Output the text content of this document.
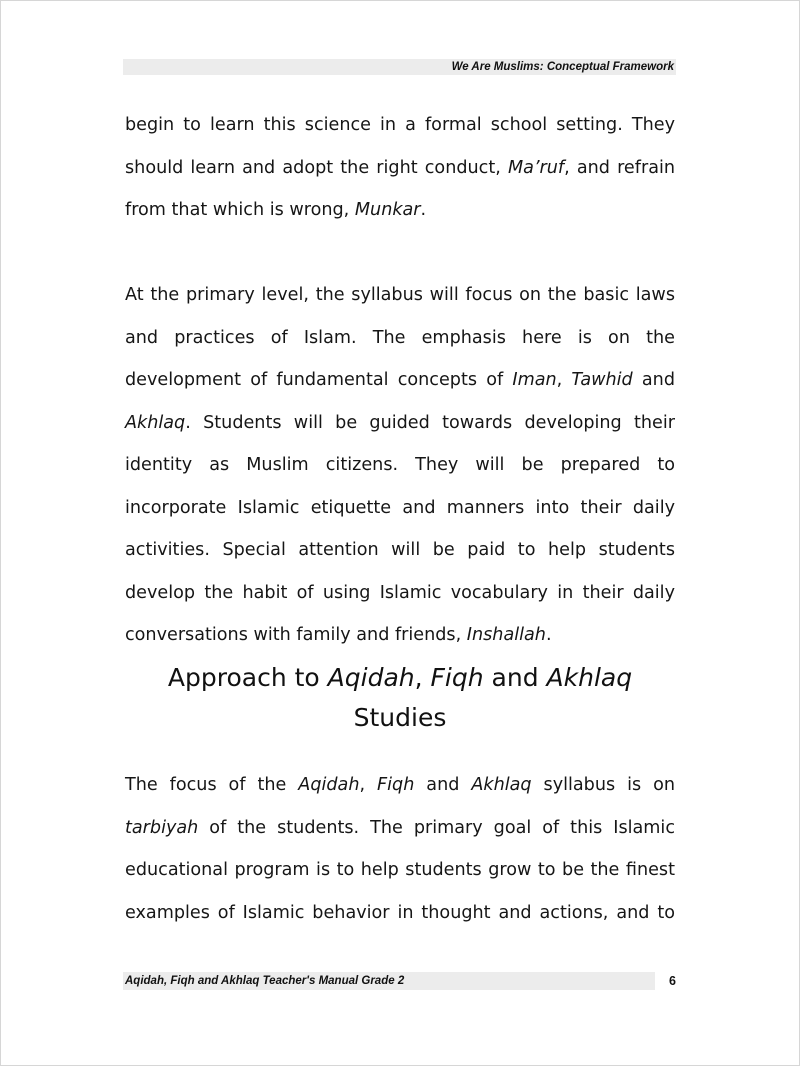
We Are Muslims: Conceptual Framework
begin to learn this science in a formal school setting. They
should learn and adopt the right conduct, Ma’ruf, and refrain
from that which is wrong, Munkar.
At the primary level, the syllabus will focus on the basic laws
and practices of Islam. The emphasis here is on the
development of fundamental concepts of Iman, Tawhid and
Akhlaq. Students will be guided towards developing their
identity as Muslim citizens. They will be prepared to
incorporate Islamic etiquette and manners into their daily
activities. Special attention will be paid to help students
develop the habit of using Islamic vocabulary in their daily
conversations with family and friends, Inshallah.
Approach to Aqidah, Fiqh and Akhlaq
Studies
The focus of the Aqidah, Fiqh and Akhlaq syllabus is on
tarbiyah of the students. The primary goal of this Islamic
educational program is to help students grow to be the finest
examples of Islamic behavior in thought and actions, and to
Aqidah, Fiqh and Akhlaq Teacher's Manual Grade 2	6
